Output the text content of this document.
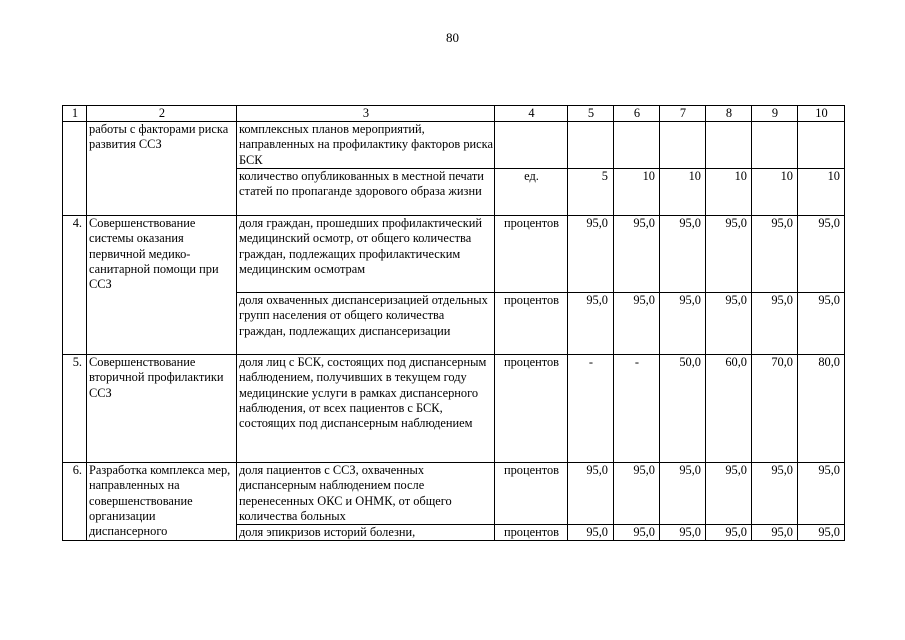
80
1	2	3	4	5	6	7	8	9	10
	работы с факторами риска развития ССЗ	комплексных планов мероприятий, направленных на профилактику факторов риска БСК							
		количество опубликованных в местной печати статей по пропаганде здорового образа жизни	ед.	5	10	10	10	10	10
4.	Совершенствование системы оказания первичной медико-санитарной помощи при ССЗ	доля граждан, прошедших профилактический медицинский осмотр, от общего количества граждан, подлежащих профилактическим медицинским осмотрам	процентов	95,0	95,0	95,0	95,0	95,0	95,0
		доля охваченных диспансеризацией отдельных групп населения от общего количества граждан, подлежащих диспансеризации	процентов	95,0	95,0	95,0	95,0	95,0	95,0
5.	Совершенствование вторичной профилактики ССЗ	доля лиц с БСК, состоящих под диспансерным наблюдением, получивших в текущем году медицинские услуги в рамках диспансерного наблюдения, от всех пациентов с БСК, состоящих под диспансерным наблюдением	процентов	-	-	50,0	60,0	70,0	80,0
6.	Разработка комплекса мер, направленных на совершенствование организации диспансерного	доля пациентов с ССЗ, охваченных диспансерным наблюдением после перенесенных ОКС и ОНМК, от общего количества больных	процентов	95,0	95,0	95,0	95,0	95,0	95,0
		доля эпикризов историй болезни,	процентов	95,0	95,0	95,0	95,0	95,0	95,0
